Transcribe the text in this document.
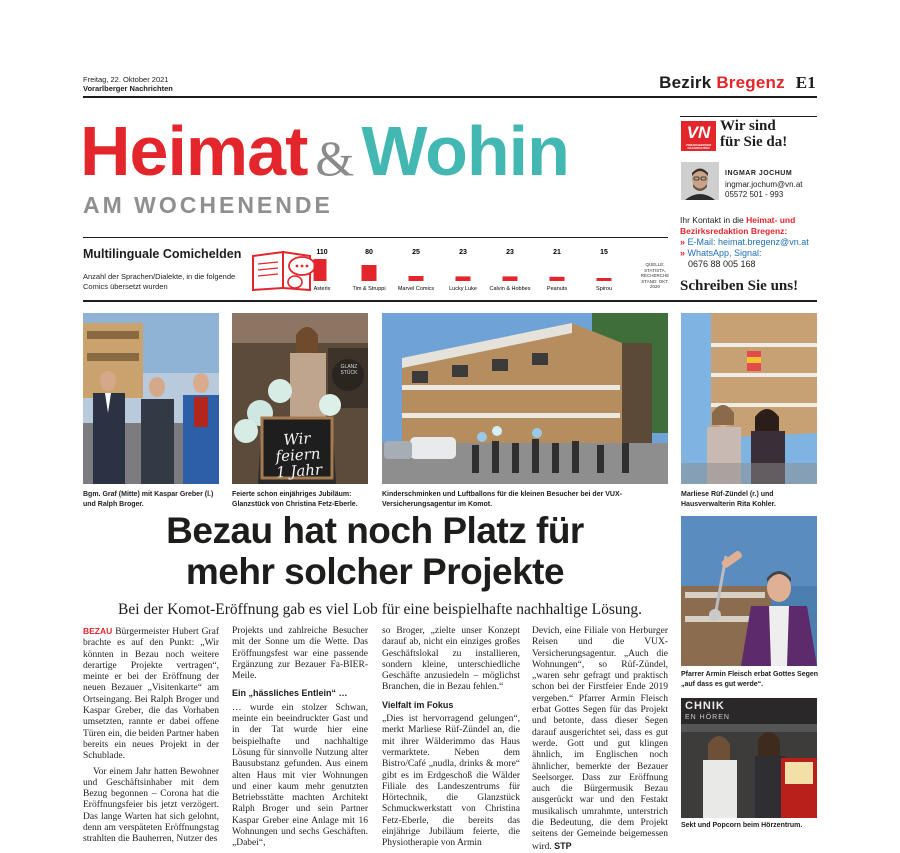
Freitag, 22. Oktober 2021
Vorarlberger Nachrichten	Bezirk Bregenz E1
Heimat & Wohin
AM WOCHENENDE
Multilinguale Comichelden
Anzahl der Sprachen/Dialekte, in die folgende Comics übersetzt wurden
110
Asterix
80
Tim & Struppi
25
Marvel Comics
23
Lucky Luke
23
Calvin & Hobbes
21
Peanuts
15
Spirou
QUELLE: STATISTA, RECHERCHE STAND: OKT. 2020
VN
VORARLBERGER NACHRICHTEN
Wir sind
für Sie da!
INGMAR JOCHUM
ingmar.jochum@vn.at
05572 501 - 993
Ihr Kontakt in die Heimat- und Bezirksredaktion Bregenz:
» E-Mail: heimat.bregenz@vn.at
» WhatsApp, Signal:
0676 88 005 168
Schreiben Sie uns!
Bgm. Graf (Mitte) mit Kaspar Greber (l.) und Ralph Broger.
Wir feiern 1 Jahr
GLANZ STÜCK
Feierte schon einjähriges Jubiläum: Glanzstück von Christina Fetz-Eberle.
Kinderschminken und Luftballons für die kleinen Besucher bei der VUX-Versicherungsagentur im Komot.
Marliese Rüf-Zündel (r.) und Hausverwalterin Rita Kohler.
Pfarrer Armin Fleisch erbat Gottes Segen „auf dass es gut werde“.
CHNIK
EN HÖREN
Sekt und Popcorn beim Hörzentrum.
Bezau hat noch Platz für
mehr solcher Projekte
Bei der Komot-Eröffnung gab es viel Lob für eine beispielhafte nachhaltige Lösung.

BEZAU Bürgermeister Hubert Graf brachte es auf den Punkt: „Wir könnten in Bezau noch weitere derartige Projekte vertragen“, meinte er bei der Eröffnung der neuen Bezauer „Visitenkarte“ am Ortseingang. Bei Ralph Broger und Kaspar Greber, die das Vorhaben umsetzten, rannte er dabei offene Türen ein, die beiden Partner haben bereits ein neues Projekt in der Schublade.

Vor einem Jahr hatten Bewohner und Geschäftsinhaber mit dem Bezug begonnen – Corona hat die Eröffnungsfeier bis jetzt verzögert. Das lange Warten hat sich gelohnt, denn am verspäteten Eröffnungstag strahlten die Bauherren, Nutzer des

Projekts und zahlreiche Besucher mit der Sonne um die Wette. Das Eröffnungsfest war eine passende Ergänzung zur Bezauer Fa-BIER-Meile.

Ein „hässliches Entlein“ …

… wurde ein stolzer Schwan, meinte ein beeindruckter Gast und in der Tat wurde hier eine beispielhafte und nachhaltige Lösung für sinnvolle Nutzung alter Bausubstanz gefunden. Aus einem alten Haus mit vier Wohnungen und einer kaum mehr genutzten Betriebsstätte machten Architekt Ralph Broger und sein Partner Kaspar Greber eine Anlage mit 16 Wohnungen und sechs Geschäften. „Dabei“,

so Broger, „zielte unser Konzept darauf ab, nicht ein einziges großes Geschäftslokal zu installieren, sondern kleine, unterschiedliche Geschäfte anzusiedeln – möglichst Branchen, die in Bezau fehlen.“

Vielfalt im Fokus

„Dies ist hervorragend gelungen“, merkt Marliese Rüf-Zündel an, die mit ihrer Wälderimmo das Haus vermarktete. Neben dem Bistro/Café „nudla, drinks & more“ gibt es im Erdgeschoß die Wälder Filiale des Landeszentrums für Hörtechnik, die Glanzstück Schmuckwerkstatt von Christina Fetz-Eberle, die bereits das einjährige Jubiläum feierte, die Physiotherapie von Armin

Devich, eine Filiale von Herburger Reisen und die VUX-Versicherungsagentur. „Auch die Wohnungen“, so Rüf-Zündel, „waren sehr gefragt und praktisch schon bei der Firstfeier Ende 2019 vergeben.“ Pfarrer Armin Fleisch erbat Gottes Segen für das Projekt und betonte, dass dieser Segen darauf ausgerichtet sei, dass es gut werde. Gott und gut klingen ähnlich, im Englischen noch ähnlicher, bemerkte der Bezauer Seelsorger. Dass zur Eröffnung auch die Bürgermusik Bezau ausgerückt war und den Festakt musikalisch umrahmte, unterstrich die Bedeutung, die dem Projekt seitens der Gemeinde beigemessen wird. STP
